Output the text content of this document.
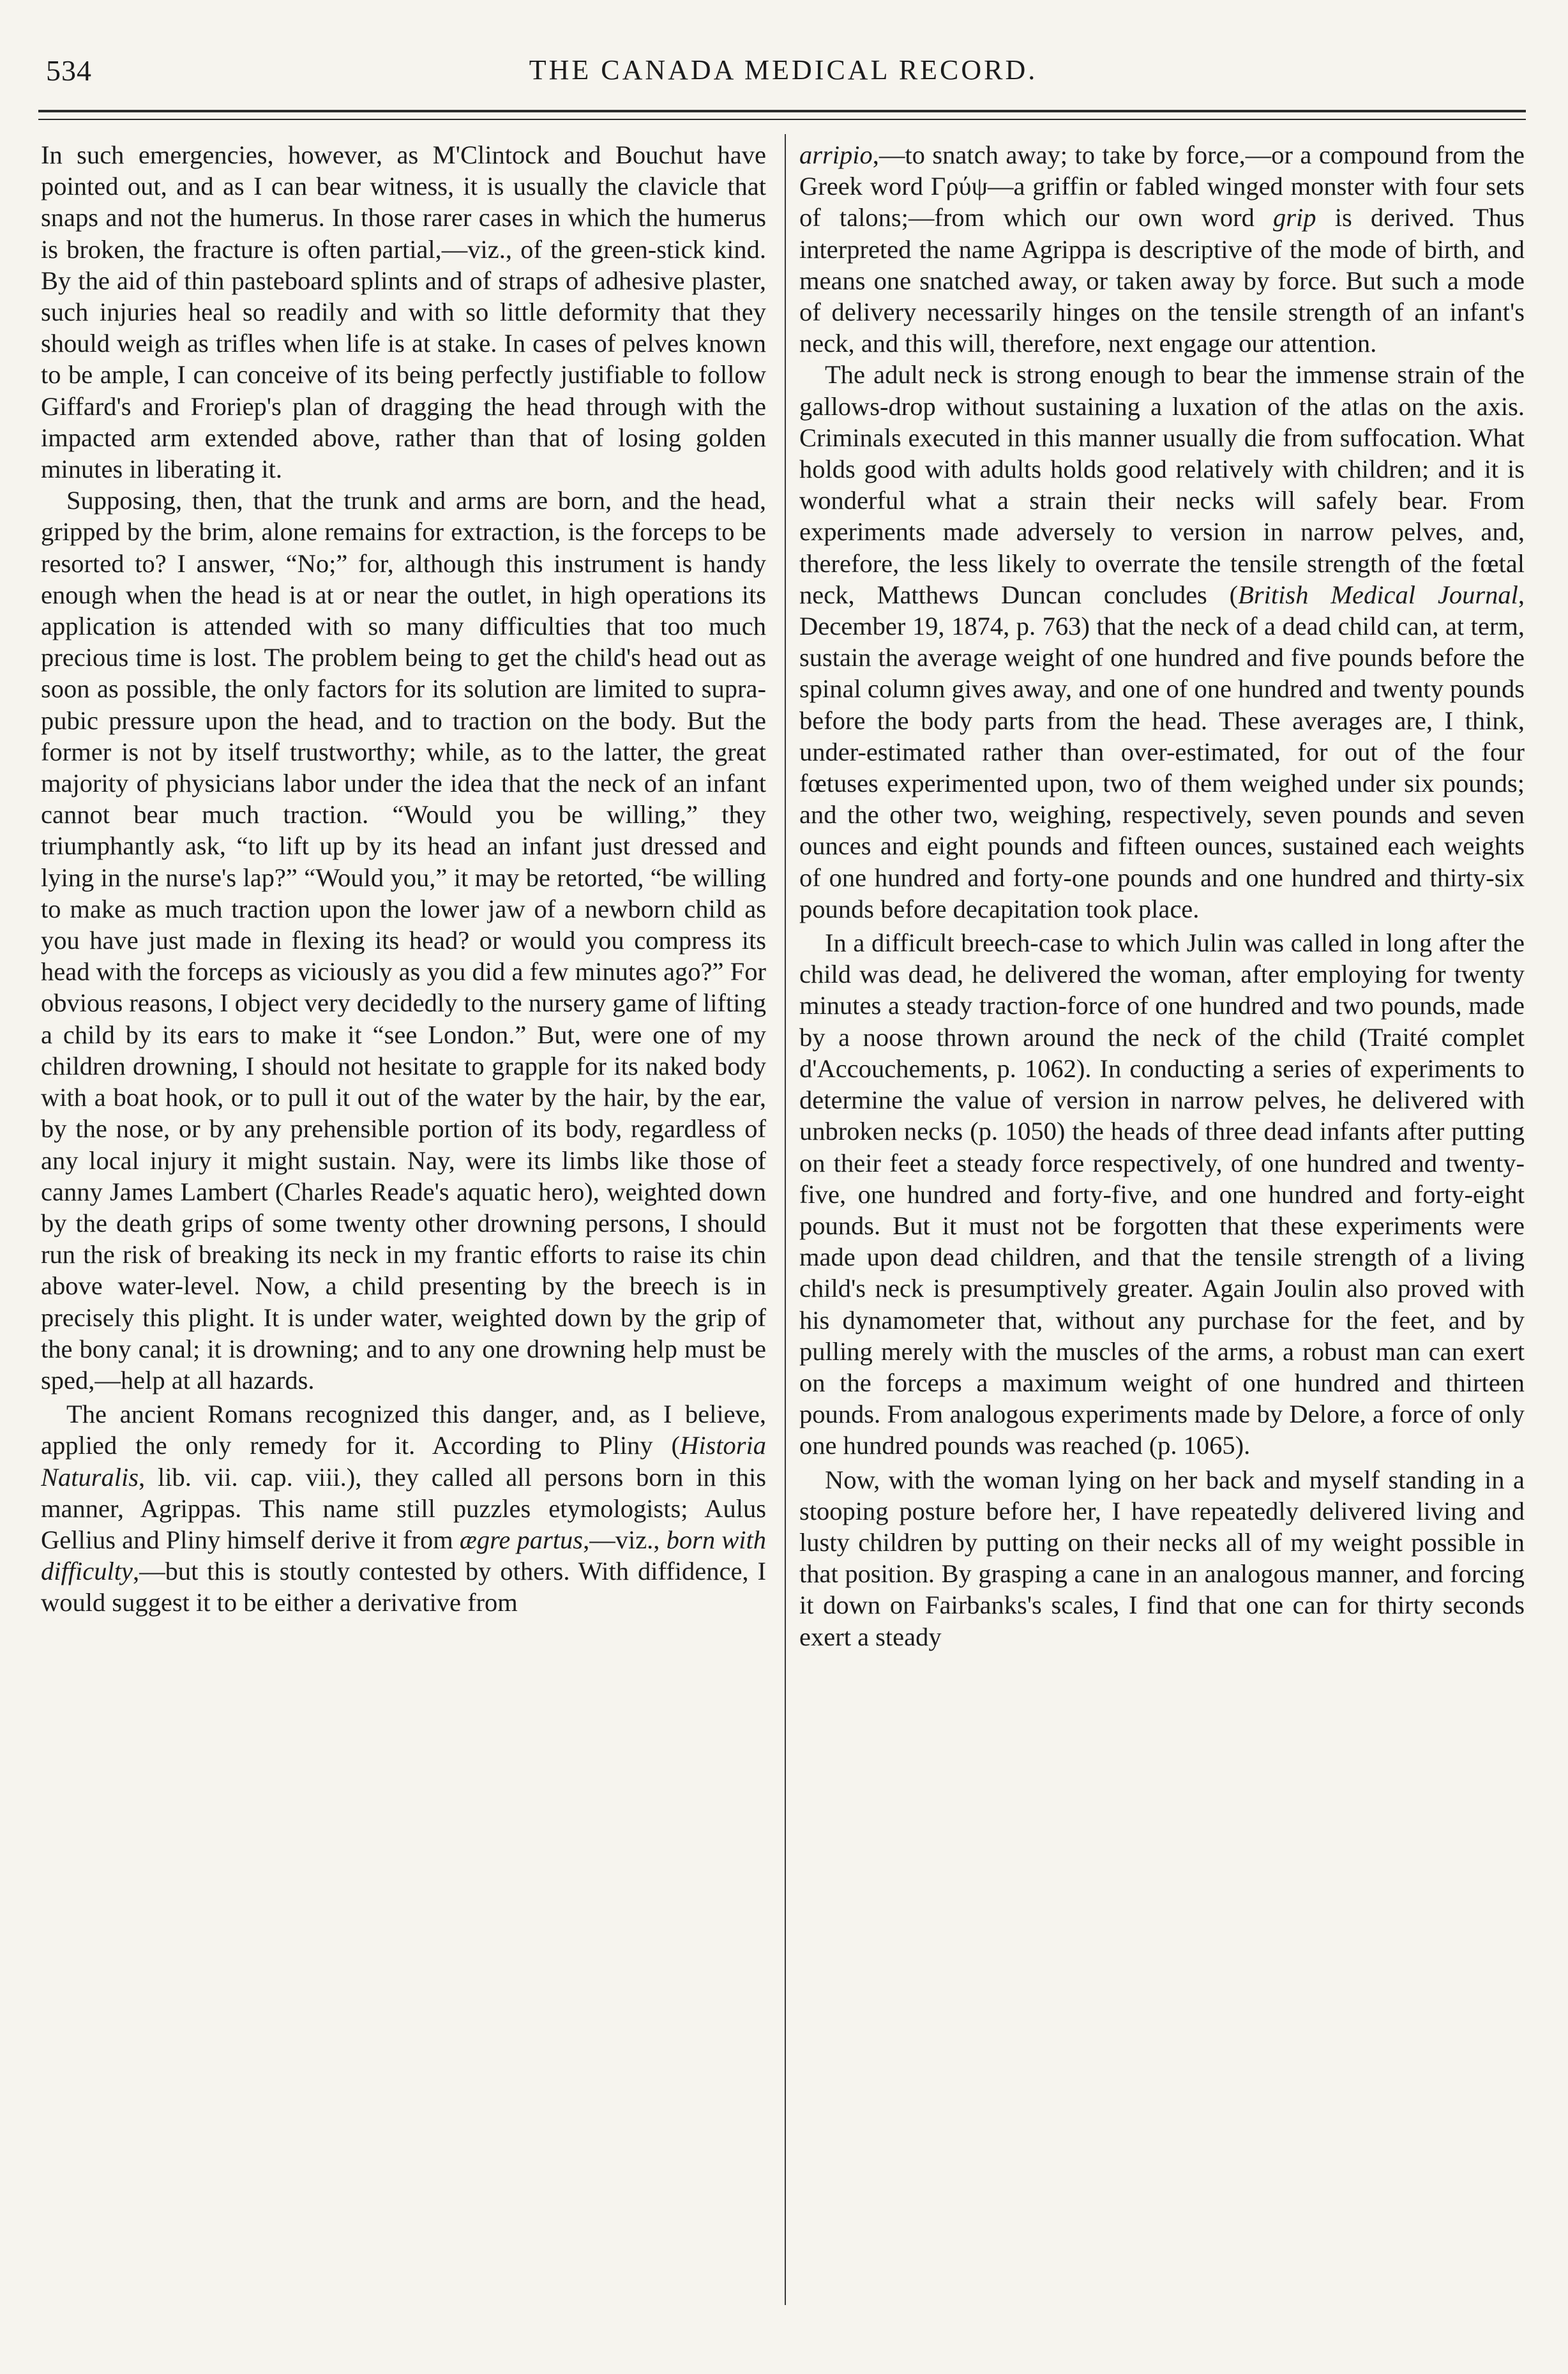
534	THE CANADA MEDICAL RECORD.

In such emergencies, however, as M'Clintock and Bouchut have pointed out, and as I can bear witness, it is usually the clavicle that snaps and not the humerus. In those rarer cases in which the humerus is broken, the fracture is often partial,—viz., of the green-stick kind. By the aid of thin pasteboard splints and of straps of adhesive plaster, such injuries heal so readily and with so little deformity that they should weigh as trifles when life is at stake. In cases of pelves known to be ample, I can conceive of its being perfectly justifiable to follow Giffard's and Froriep's plan of dragging the head through with the impacted arm extended above, rather than that of losing golden minutes in liberating it.

Supposing, then, that the trunk and arms are born, and the head, gripped by the brim, alone remains for extraction, is the forceps to be resorted to? I answer, “No;” for, although this instrument is handy enough when the head is at or near the outlet, in high operations its application is attended with so many difficulties that too much precious time is lost. The problem being to get the child's head out as soon as possible, the only factors for its solution are limited to supra-pubic pressure upon the head, and to traction on the body. But the former is not by itself trustworthy; while, as to the latter, the great majority of physicians labor under the idea that the neck of an infant cannot bear much traction. “Would you be willing,” they triumphantly ask, “to lift up by its head an infant just dressed and lying in the nurse's lap?” “Would you,” it may be retorted, “be willing to make as much traction upon the lower jaw of a newborn child as you have just made in flexing its head? or would you compress its head with the forceps as viciously as you did a few minutes ago?” For obvious reasons, I object very decidedly to the nursery game of lifting a child by its ears to make it “see London.” But, were one of my children drowning, I should not hesitate to grapple for its naked body with a boat hook, or to pull it out of the water by the hair, by the ear, by the nose, or by any prehensible portion of its body, regardless of any local injury it might sustain. Nay, were its limbs like those of canny James Lambert (Charles Reade's aquatic hero), weighted down by the death grips of some twenty other drowning persons, I should run the risk of breaking its neck in my frantic efforts to raise its chin above water-level. Now, a child presenting by the breech is in precisely this plight. It is under water, weighted down by the grip of the bony canal; it is drowning; and to any one drowning help must be sped,—help at all hazards.

The ancient Romans recognized this danger, and, as I believe, applied the only remedy for it. According to Pliny (Historia Naturalis, lib. vii. cap. viii.), they called all persons born in this manner, Agrippas. This name still puzzles etymologists; Aulus Gellius and Pliny himself derive it from ægre partus,—viz., born with difficulty,—but this is stoutly contested by others. With diffidence, I would suggest it to be either a derivative from

arripio,—to snatch away; to take by force,—or a compound from the Greek word Γρύψ—a griffin or fabled winged monster with four sets of talons;—from which our own word grip is derived. Thus interpreted the name Agrippa is descriptive of the mode of birth, and means one snatched away, or taken away by force. But such a mode of delivery necessarily hinges on the tensile strength of an infant's neck, and this will, therefore, next engage our attention.

The adult neck is strong enough to bear the immense strain of the gallows-drop without sustaining a luxation of the atlas on the axis. Criminals executed in this manner usually die from suffocation. What holds good with adults holds good relatively with children; and it is wonderful what a strain their necks will safely bear. From experiments made adversely to version in narrow pelves, and, therefore, the less likely to overrate the tensile strength of the fœtal neck, Matthews Duncan concludes (British Medical Journal, December 19, 1874, p. 763) that the neck of a dead child can, at term, sustain the average weight of one hundred and five pounds before the spinal column gives away, and one of one hundred and twenty pounds before the body parts from the head. These averages are, I think, under-estimated rather than over-estimated, for out of the four fœtuses experimented upon, two of them weighed under six pounds; and the other two, weighing, respectively, seven pounds and seven ounces and eight pounds and fifteen ounces, sustained each weights of one hundred and forty-one pounds and one hundred and thirty-six pounds before decapitation took place.

In a difficult breech-case to which Julin was called in long after the child was dead, he delivered the woman, after employing for twenty minutes a steady traction-force of one hundred and two pounds, made by a noose thrown around the neck of the child (Traité complet d'Accouchements, p. 1062). In conducting a series of experiments to determine the value of version in narrow pelves, he delivered with unbroken necks (p. 1050) the heads of three dead infants after putting on their feet a steady force respectively, of one hundred and twenty-five, one hundred and forty-five, and one hundred and forty-eight pounds. But it must not be forgotten that these experiments were made upon dead children, and that the tensile strength of a living child's neck is presumptively greater. Again Joulin also proved with his dynamometer that, without any purchase for the feet, and by pulling merely with the muscles of the arms, a robust man can exert on the forceps a maximum weight of one hundred and thirteen pounds. From analogous experiments made by Delore, a force of only one hundred pounds was reached (p. 1065).

Now, with the woman lying on her back and myself standing in a stooping posture before her, I have repeatedly delivered living and lusty children by putting on their necks all of my weight possible in that position. By grasping a cane in an analogous manner, and forcing it down on Fairbanks's scales, I find that one can for thirty seconds exert a steady
